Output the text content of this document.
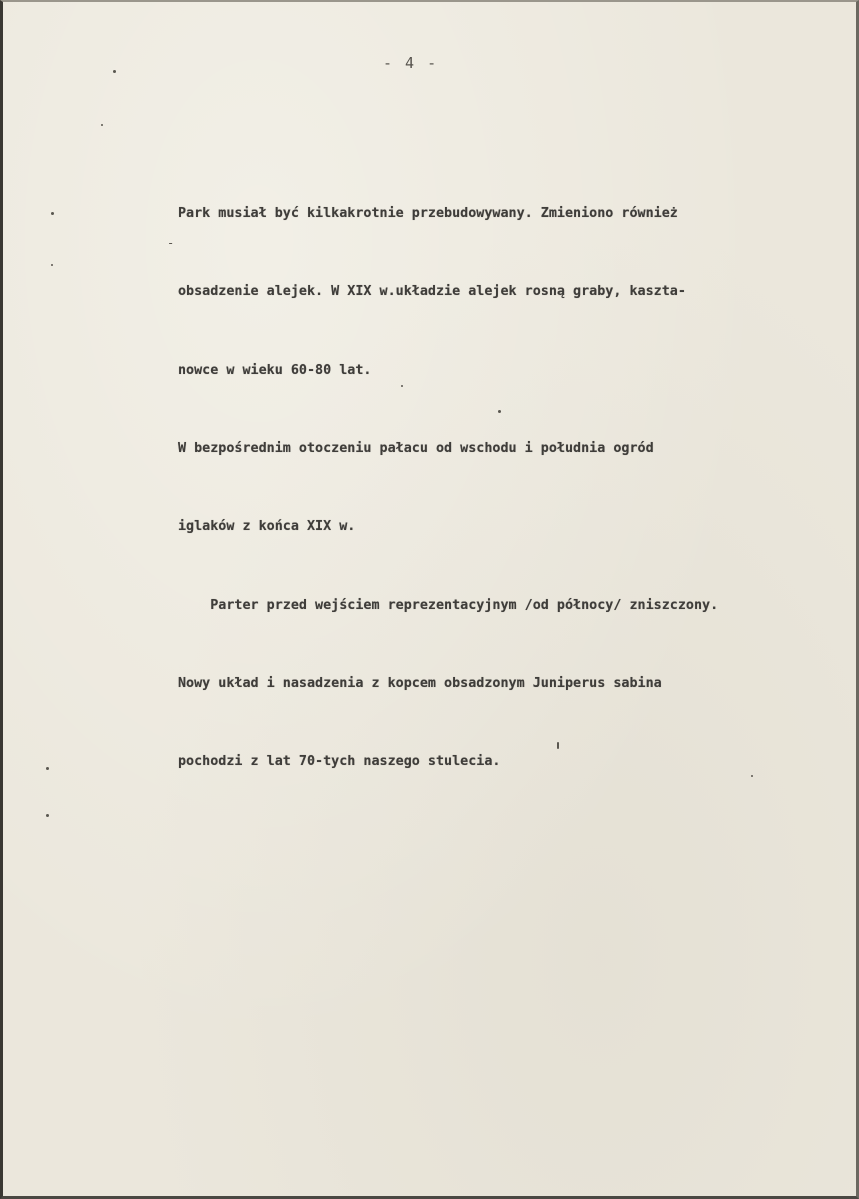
- 4 -
-

Park musiał być kilkakrotnie przebudowywany. Zmieniono również

obsadzenie alejek. W XIX w.układzie alejek rosną graby, kaszta-

nowce w wieku 60-80 lat.

W bezpośrednim otoczeniu pałacu od wschodu i południa ogród

iglaków z końca XIX w.

Parter przed wejściem reprezentacyjnym /od północy/ zniszczony.

Nowy układ i nasadzenia z kopcem obsadzonym Juniperus sabina

pochodzi z lat 70-tych naszego stulecia.
